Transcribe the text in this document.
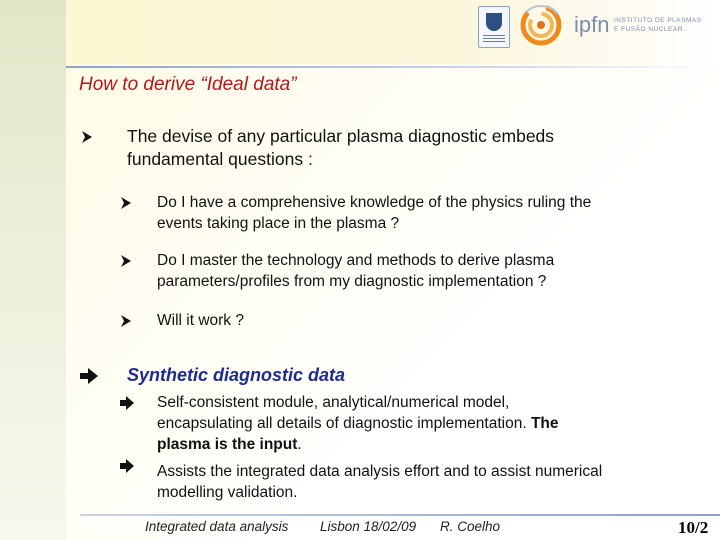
ipfn INSTITUTO DE PLASMAS
E FUSÃO NUCLEAR
How to derive “Ideal data”
The devise of any particular plasma diagnostic embeds
fundamental questions :
Do I have a comprehensive knowledge of the physics ruling the
events taking place in the plasma ?
Do I master the technology and methods to derive plasma
parameters/profiles from my diagnostic implementation ?
Will it work ?
Synthetic diagnostic data
Self-consistent module, analytical/numerical model,
encapsulating all details of diagnostic implementation. The
plasma is the input.
Assists the integrated data analysis effort and to assist numerical
modelling validation.
Integrated data analysis Lisbon 18/02/09 R. Coelho	10/2
